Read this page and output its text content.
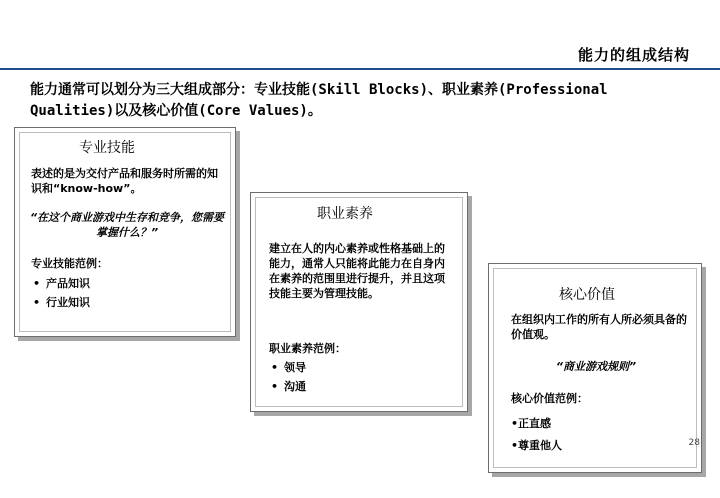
能力的组成结构
能力通常可以划分为三大组成部分：专业技能(Skill Blocks)、职业素养(Professional Qualities)以及核心价值(Core Values)。
专业技能

表述的是为交付产品和服务时所需的知识和“know-how”。

“在这个商业游戏中生存和竞争，您需要掌握什么？”

专业技能范例：

• 产品知识
• 行业知识
职业素养

建立在人的内心素养或性格基础上的能力，通常人只能将此能力在自身内在素养的范围里进行提升，并且这项技能主要为管理技能。

职业素养范例：

• 领导
• 沟通
核心价值

在组织内工作的所有人所必须具备的价值观。

“商业游戏规则”

核心价值范例：

•正直感

•尊重他人	28
